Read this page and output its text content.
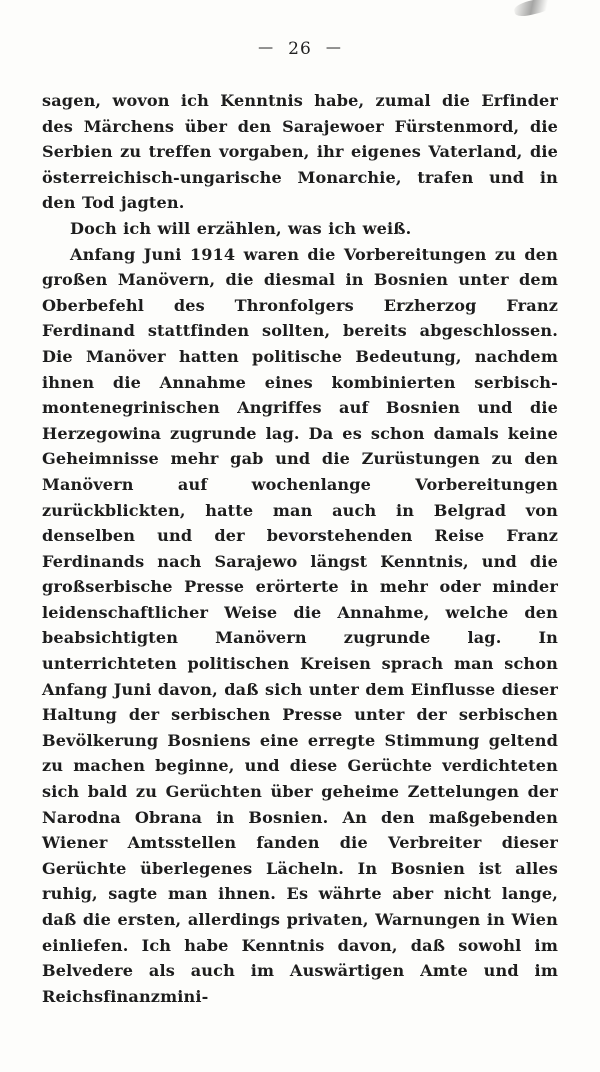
— 26 —

sagen, wovon ich Kenntnis habe, zumal die Erfinder des Märchens über den Sarajewoer Fürstenmord, die Serbien zu treffen vorgaben, ihr eigenes Vaterland, die österreichisch-ungarische Monarchie, trafen und in den Tod jagten.

Doch ich will erzählen, was ich weiß.

Anfang Juni 1914 waren die Vorbereitungen zu den großen Manövern, die diesmal in Bosnien unter dem Oberbefehl des Thronfolgers Erzherzog Franz Ferdinand stattfinden sollten, bereits abgeschlossen. Die Manöver hatten politische Bedeutung, nachdem ihnen die Annahme eines kombinierten serbisch-montenegrinischen Angriffes auf Bosnien und die Herzegowina zugrunde lag. Da es schon damals keine Geheimnisse mehr gab und die Zurüstungen zu den Manövern auf wochenlange Vorbereitungen zurückblickten, hatte man auch in Belgrad von denselben und der bevorstehenden Reise Franz Ferdinands nach Sarajewo längst Kenntnis, und die großserbische Presse erörterte in mehr oder minder leidenschaftlicher Weise die Annahme, welche den beabsichtigten Manövern zugrunde lag. In unterrichteten politischen Kreisen sprach man schon Anfang Juni davon, daß sich unter dem Einflusse dieser Haltung der serbischen Presse unter der serbischen Bevölkerung Bosniens eine erregte Stimmung geltend zu machen beginne, und diese Gerüchte verdichteten sich bald zu Gerüchten über geheime Zettelungen der Narodna Obrana in Bosnien. An den maßgebenden Wiener Amtsstellen fanden die Verbreiter dieser Gerüchte überlegenes Lächeln. In Bosnien ist alles ruhig, sagte man ihnen. Es währte aber nicht lange, daß die ersten, allerdings privaten, Warnungen in Wien einliefen. Ich habe Kenntnis davon, daß sowohl im Belvedere als auch im Auswärtigen Amte und im Reichsfinanzmini-
